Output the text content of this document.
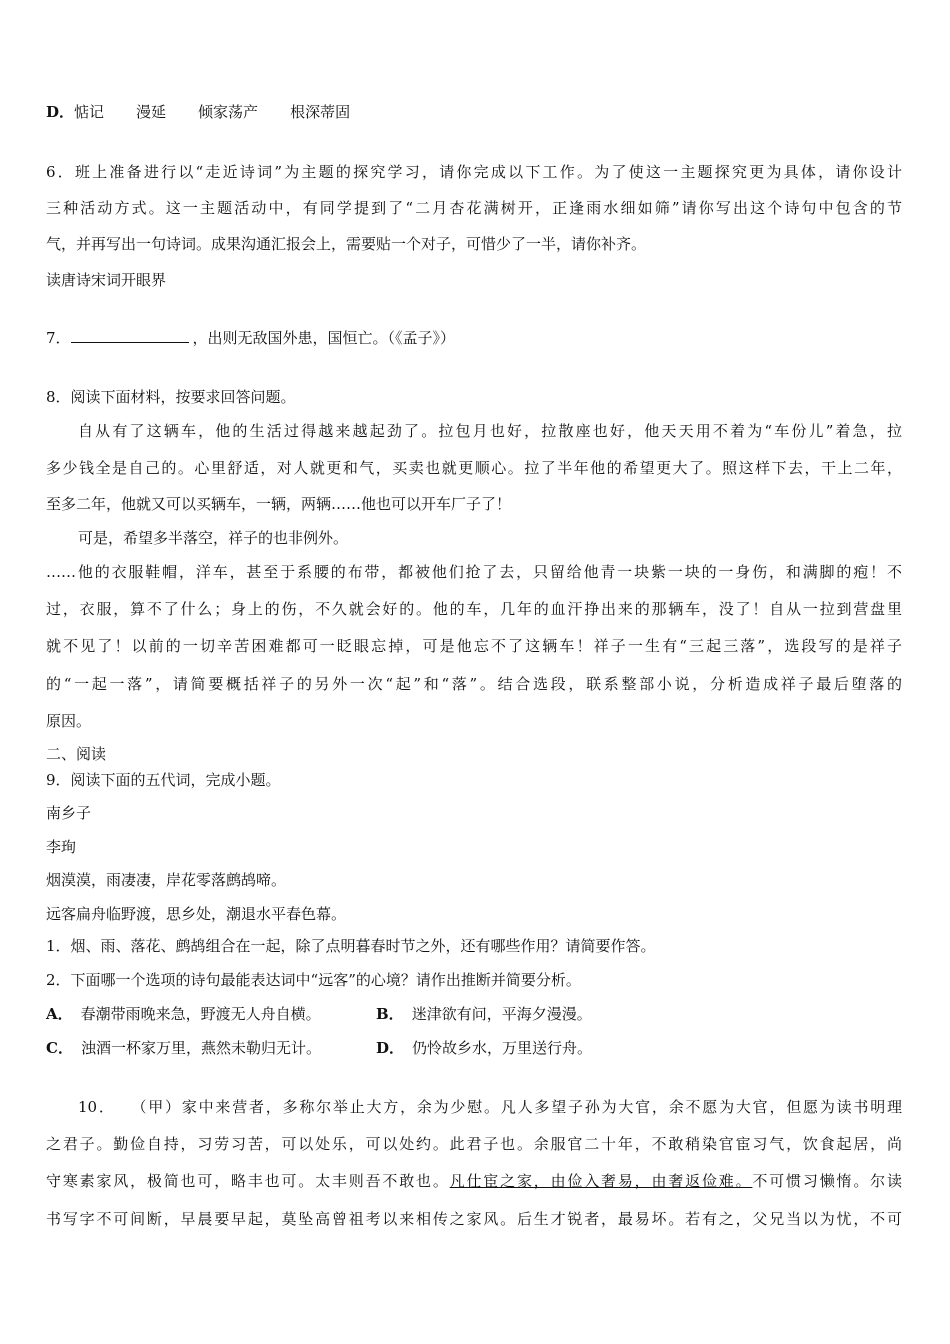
D．惦记 漫延 倾家荡产 根深蒂固
6．班上准备进行以“走近诗词”为主题的探究学习，请你完成以下工作。为了使这一主题探究更为具体，请你设计
三种活动方式。这一主题活动中，有同学提到了“二月杏花满树开，正逢雨水细如筛”请你写出这个诗句中包含的节
气，并再写出一句诗词。成果沟通汇报会上，需要贴一个对子，可惜少了一半，请你补齐。
读唐诗宋词开眼界
7．	，出则无敌国外患，国恒亡。（《孟子》）
8．阅读下面材料，按要求回答问题。
自从有了这辆车，他的生活过得越来越起劲了。拉包月也好，拉散座也好，他天天用不着为“车份儿”着急，拉
多少钱全是自己的。心里舒适，对人就更和气，买卖也就更顺心。拉了半年他的希望更大了。照这样下去，干上二年，
至多二年，他就又可以买辆车，一辆，两辆……他也可以开车厂子了！
可是，希望多半落空，祥子的也非例外。
……他的衣服鞋帽，洋车，甚至于系腰的布带，都被他们抢了去，只留给他青一块紫一块的一身伤，和满脚的疱！不
过，衣服，算不了什么；身上的伤，不久就会好的。他的车，几年的血汗挣出来的那辆车，没了！自从一拉到营盘里
就不见了！以前的一切辛苦困难都可一眨眼忘掉，可是他忘不了这辆车！祥子一生有“三起三落”，选段写的是祥子
的“一起一落”，请简要概括祥子的另外一次“起”和“落”。结合选段，联系整部小说，分析造成祥子最后堕落的
原因。
二、阅读
9．阅读下面的五代词，完成小题。
南乡子
李珣
烟漠漠，雨凄凄，岸花零落鹧鸪啼。
远客扁舟临野渡，思乡处，潮退水平春色幕。
1．烟、雨、落花、鹧鸪组合在一起，除了点明暮春时节之外，还有哪些作用？请简要作答。
2．下面哪一个选项的诗句最能表达词中“远客”的心境？请作出推断并简要分析。
A． 春潮带雨晚来急，野渡无人舟自横。	B． 迷津欲有问，平海夕漫漫。
C． 浊酒一杯家万里，燕然未勒归无计。	D． 仍怜故乡水，万里送行舟。
10． （甲）家中来营者，多称尔举止大方，余为少慰。凡人多望子孙为大官，余不愿为大官，但愿为读书明理
之君子。勤俭自持，习劳习苦，可以处乐，可以处约。此君子也。余服官二十年，不敢稍染官宦习气，饮食起居，尚
守寒素家风，极简也可，略丰也可。太丰则吾不敢也。凡仕宦之家，由俭入奢易，由奢返俭难。不可惯习懒惰。尔读
书写字不可间断，早晨要早起，莫坠高曾祖考以来相传之家风。后生才锐者，最易坏。若有之，父兄当以为忧，不可
